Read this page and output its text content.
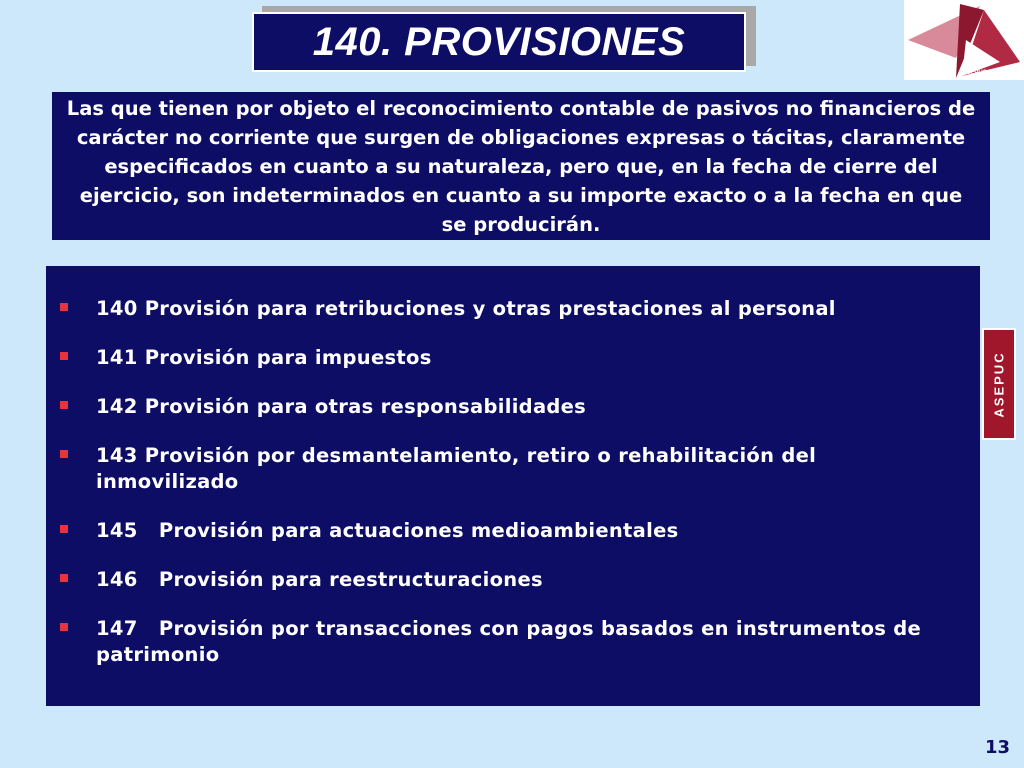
140. PROVISIONES
ASEPUC
Las que tienen por objeto el reconocimiento contable de pasivos no financieros de carácter no corriente que surgen de obligaciones expresas o tácitas, claramente especificados en cuanto a su naturaleza, pero que, en la fecha de cierre del ejercicio, son indeterminados en cuanto a su importe exacto o a la fecha en que se producirán.
140 Provisión para retribuciones y otras prestaciones al personal
141 Provisión para impuestos
142 Provisión para otras responsabilidades
143 Provisión por desmantelamiento, retiro o rehabilitación del inmovilizado
145   Provisión para actuaciones medioambientales
146   Provisión para reestructuraciones
147   Provisión por transacciones con pagos basados en instrumentos de patrimonio
ASEPUC
13
